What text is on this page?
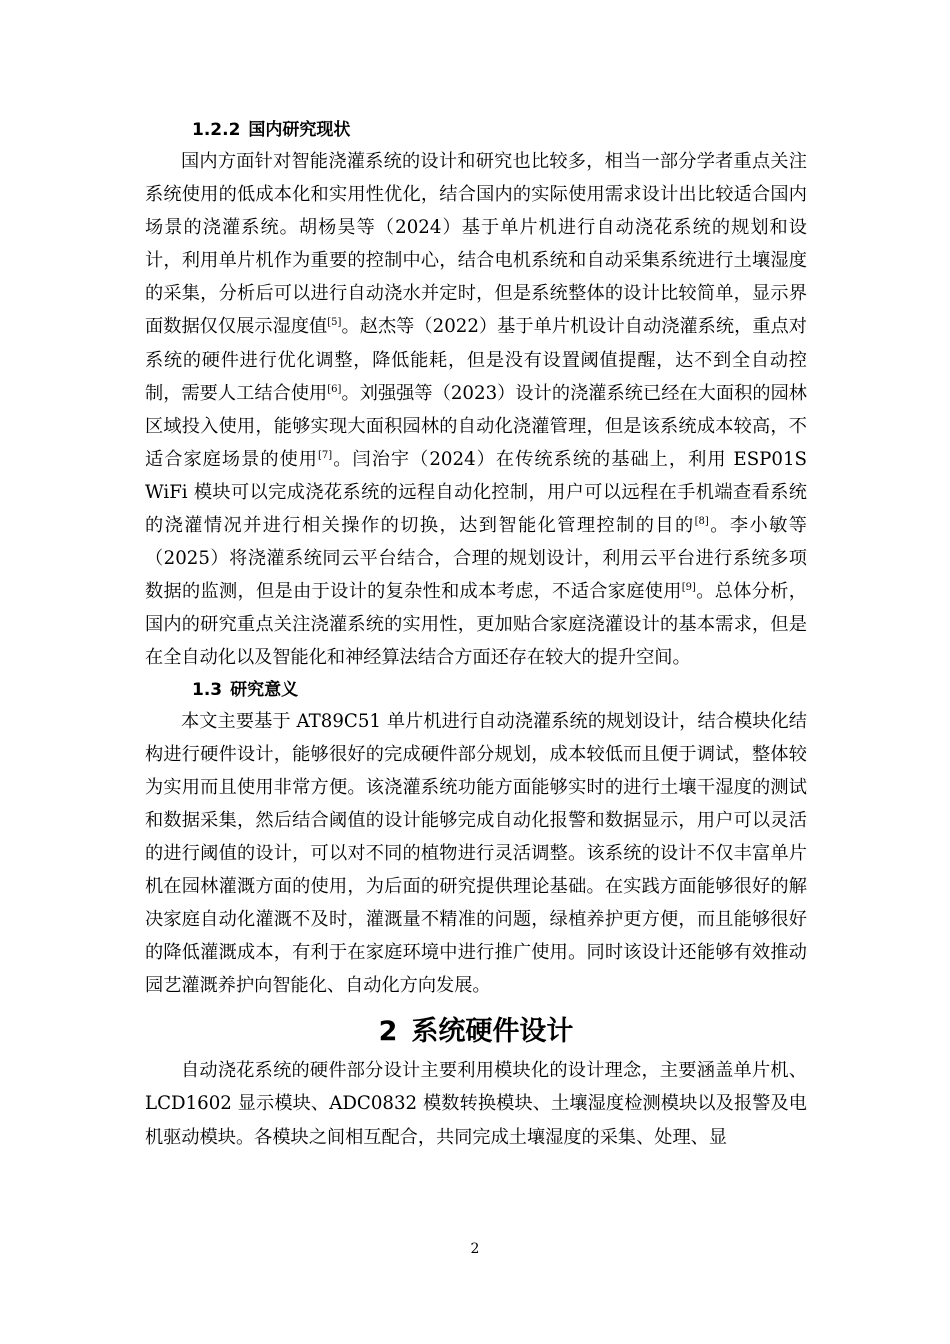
1.2.2 国内研究现状

国内方面针对智能浇灌系统的设计和研究也比较多，相当一部分学者重点关注系统使用的低成本化和实用性优化，结合国内的实际使用需求设计出比较适合国内场景的浇灌系统。胡杨昊等（2024）基于单片机进行自动浇花系统的规划和设计，利用单片机作为重要的控制中心，结合电机系统和自动采集系统进行土壤湿度的采集，分析后可以进行自动浇水并定时，但是系统整体的设计比较简单，显示界面数据仅仅展示湿度值[5]。赵杰等（2022）基于单片机设计自动浇灌系统，重点对系统的硬件进行优化调整，降低能耗，但是没有设置阈值提醒，达不到全自动控制，需要人工结合使用[6]。刘强强等（2023）设计的浇灌系统已经在大面积的园林区域投入使用，能够实现大面积园林的自动化浇灌管理，但是该系统成本较高，不适合家庭场景的使用[7]。闫治宇（2024）在传统系统的基础上，利用 ESP01S WiFi 模块可以完成浇花系统的远程自动化控制，用户可以远程在手机端查看系统的浇灌情况并进行相关操作的切换，达到智能化管理控制的目的[8]。李小敏等（2025）将浇灌系统同云平台结合，合理的规划设计，利用云平台进行系统多项数据的监测，但是由于设计的复杂性和成本考虑，不适合家庭使用[9]。总体分析，国内的研究重点关注浇灌系统的实用性，更加贴合家庭浇灌设计的基本需求，但是在全自动化以及智能化和神经算法结合方面还存在较大的提升空间。

1.3 研究意义

本文主要基于 AT89C51 单片机进行自动浇灌系统的规划设计，结合模块化结构进行硬件设计，能够很好的完成硬件部分规划，成本较低而且便于调试，整体较为实用而且使用非常方便。该浇灌系统功能方面能够实时的进行土壤干湿度的测试和数据采集，然后结合阈值的设计能够完成自动化报警和数据显示，用户可以灵活的进行阈值的设计，可以对不同的植物进行灵活调整。该系统的设计不仅丰富单片机在园林灌溉方面的使用，为后面的研究提供理论基础。在实践方面能够很好的解决家庭自动化灌溉不及时，灌溉量不精准的问题，绿植养护更方便，而且能够很好的降低灌溉成本，有利于在家庭环境中进行推广使用。同时该设计还能够有效推动园艺灌溉养护向智能化、自动化方向发展。

2 系统硬件设计

自动浇花系统的硬件部分设计主要利用模块化的设计理念，主要涵盖单片机、LCD1602 显示模块、ADC0832 模数转换模块、土壤湿度检测模块以及报警及电机驱动模块。各模块之间相互配合，共同完成土壤湿度的采集、处理、显

2
